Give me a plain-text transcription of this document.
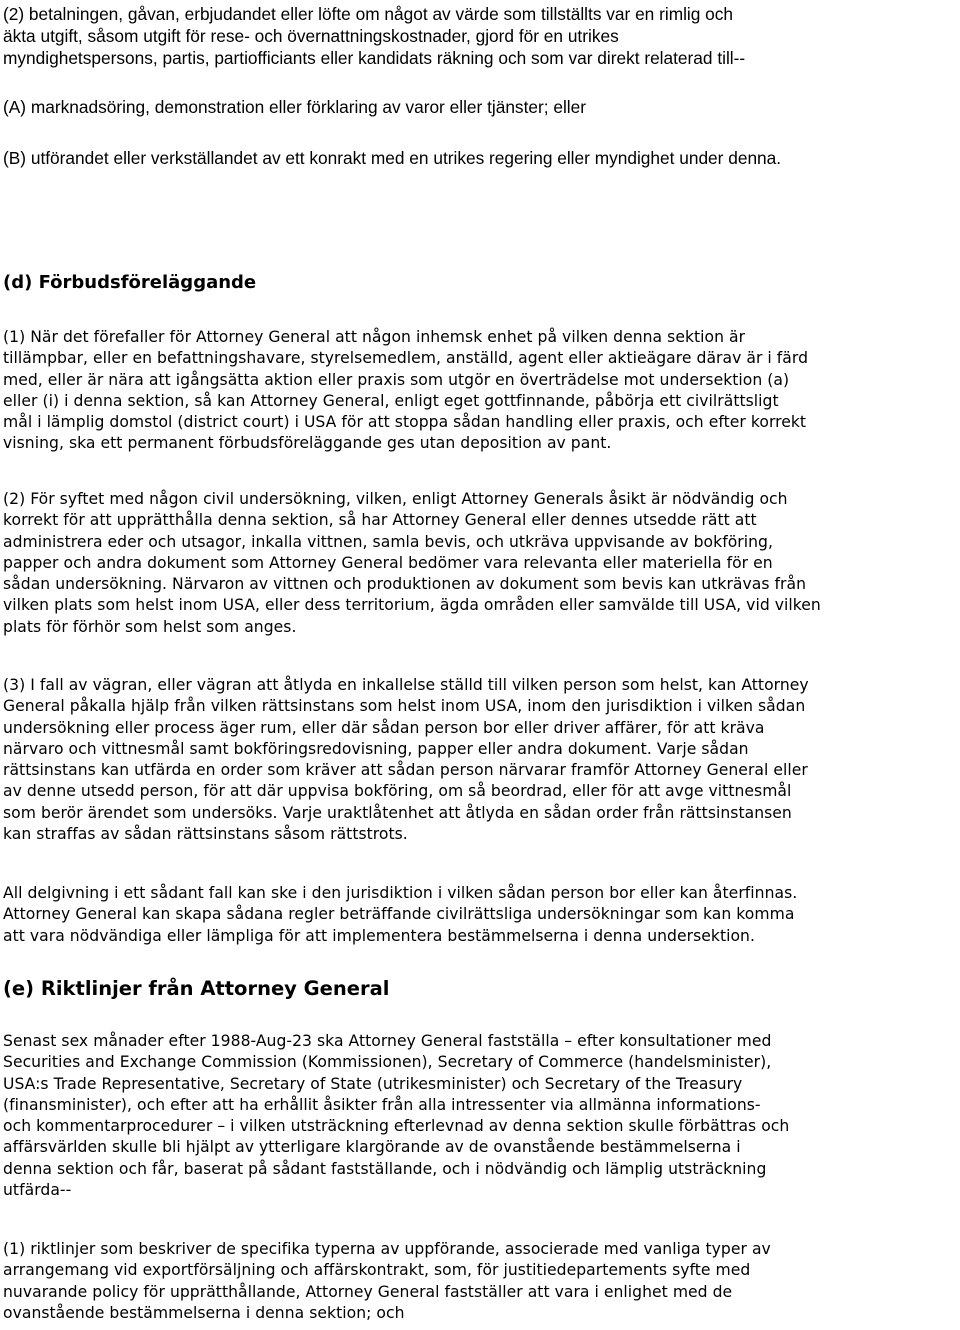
(2) betalningen, gåvan, erbjudandet eller löfte om något av värde som tillställts var en rimlig och
äkta utgift, såsom utgift för rese- och övernattningskostnader, gjord för en utrikes
myndighetspersons, partis, partiofficiants eller kandidats räkning och som var direkt relaterad till--

(A) marknadsöring, demonstration eller förklaring av varor eller tjänster; eller

(B) utförandet eller verkställandet av ett konrakt med en utrikes regering eller myndighet under denna.

(d) Förbudsföreläggande

(1) När det förefaller för Attorney General att någon inhemsk enhet på vilken denna sektion är
tillämpbar, eller en befattningshavare, styrelsemedlem, anställd, agent eller aktieägare därav är i färd
med, eller är nära att igångsätta aktion eller praxis som utgör en överträdelse mot undersektion (a)
eller (i) i denna sektion, så kan Attorney General, enligt eget gottfinnande, påbörja ett civilrättsligt
mål i lämplig domstol (district court) i USA för att stoppa sådan handling eller praxis, och efter korrekt
visning, ska ett permanent förbudsföreläggande ges utan deposition av pant.

(2) För syftet med någon civil undersökning, vilken, enligt Attorney Generals åsikt är nödvändig och
korrekt för att upprätthålla denna sektion, så har Attorney General eller dennes utsedde rätt att
administrera eder och utsagor, inkalla vittnen, samla bevis, och utkräva uppvisande av bokföring,
papper och andra dokument som Attorney General bedömer vara relevanta eller materiella för en
sådan undersökning. Närvaron av vittnen och produktionen av dokument som bevis kan utkrävas från
vilken plats som helst inom USA, eller dess territorium, ägda områden eller samvälde till USA, vid vilken
plats för förhör som helst som anges.

(3) I fall av vägran, eller vägran att åtlyda en inkallelse ställd till vilken person som helst, kan Attorney
General påkalla hjälp från vilken rättsinstans som helst inom USA, inom den jurisdiktion i vilken sådan
undersökning eller process äger rum, eller där sådan person bor eller driver affärer, för att kräva
närvaro och vittnesmål samt bokföringsredovisning, papper eller andra dokument. Varje sådan
rättsinstans kan utfärda en order som kräver att sådan person närvarar framför Attorney General eller
av denne utsedd person, för att där uppvisa bokföring, om så beordrad, eller för att avge vittnesmål
som berör ärendet som undersöks. Varje uraktlåtenhet att åtlyda en sådan order från rättsinstansen
kan straffas av sådan rättsinstans såsom rättstrots.

All delgivning i ett sådant fall kan ske i den jurisdiktion i vilken sådan person bor eller kan återfinnas.
Attorney General kan skapa sådana regler beträffande civilrättsliga undersökningar som kan komma
att vara nödvändiga eller lämpliga för att implementera bestämmelserna i denna undersektion.

(e) Riktlinjer från Attorney General

Senast sex månader efter 1988-Aug-23 ska Attorney General fastställa – efter konsultationer med
Securities and Exchange Commission (Kommissionen), Secretary of Commerce (handelsminister),
USA:s Trade Representative, Secretary of State (utrikesminister) och Secretary of the Treasury
(finansminister), och efter att ha erhållit åsikter från alla intressenter via allmänna informations-
och kommentarprocedurer – i vilken utsträckning efterlevnad av denna sektion skulle förbättras och
affärsvärlden skulle bli hjälpt av ytterligare klargörande av de ovanstående bestämmelserna i
denna sektion och får, baserat på sådant fastställande, och i nödvändig och lämplig utsträckning
utfärda--

(1) riktlinjer som beskriver de specifika typerna av uppförande, associerade med vanliga typer av
arrangemang vid exportförsäljning och affärskontrakt, som, för justitiedepartements syfte med
nuvarande policy för upprätthållande, Attorney General fastställer att vara i enlighet med de
ovanstående bestämmelserna i denna sektion; och
